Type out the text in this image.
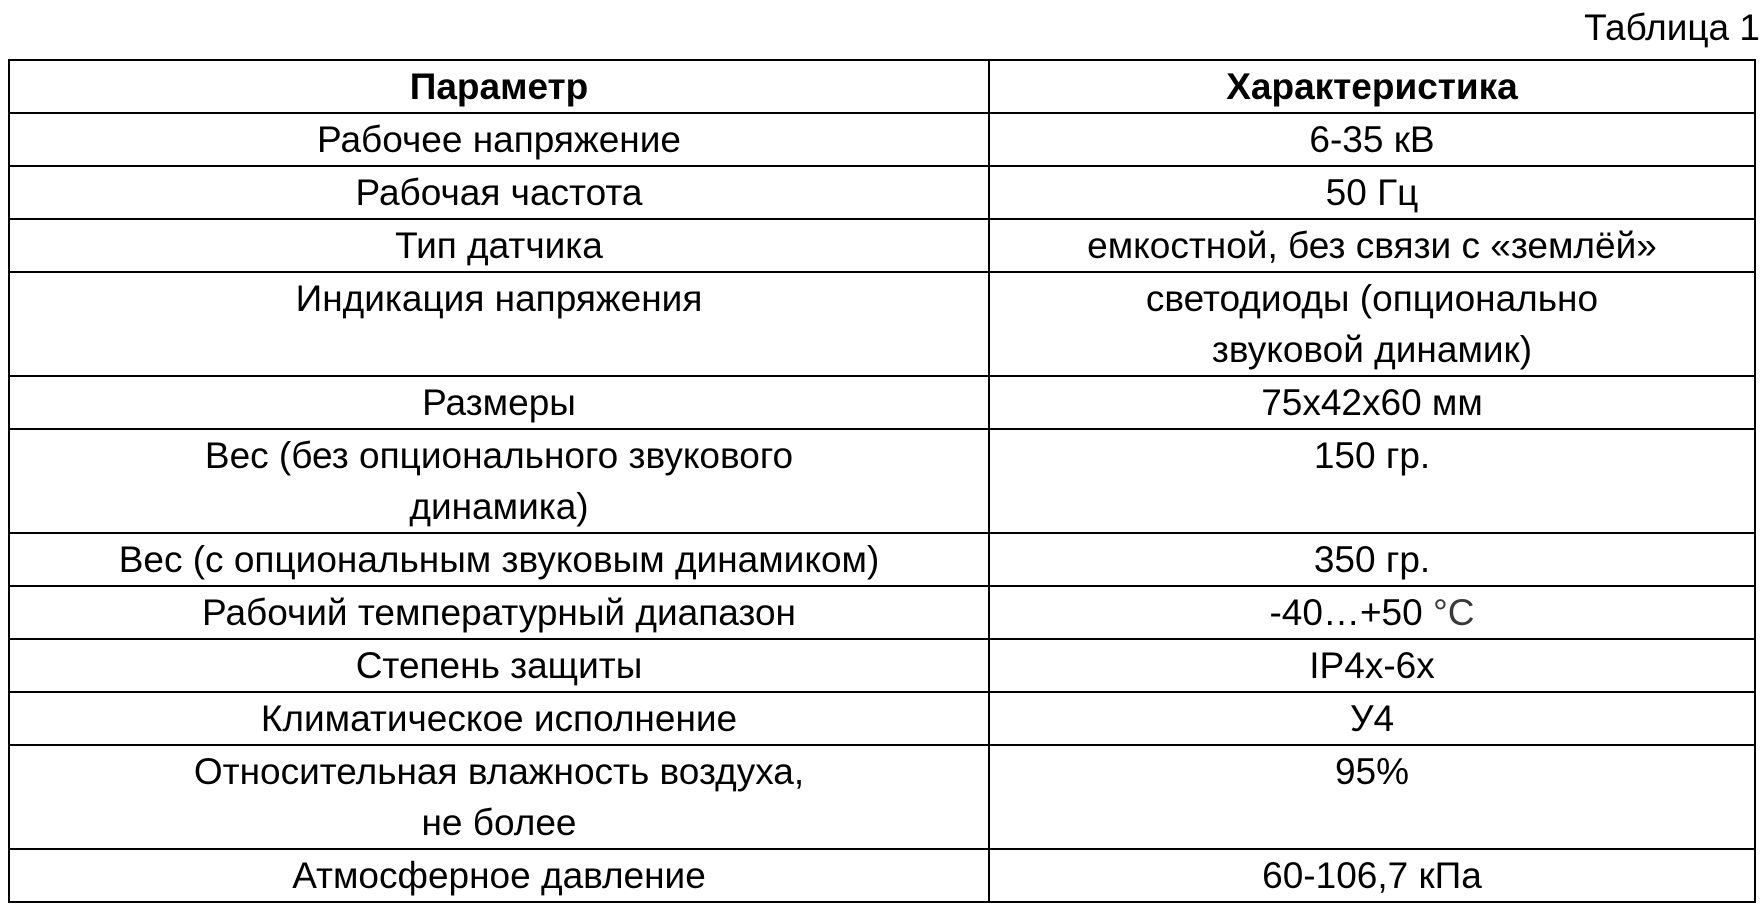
Таблица 1
Параметр	Характеристика
Рабочее напряжение	6-35 кВ
Рабочая частота	50 Гц
Тип датчика	емкостной, без связи с «землёй»
Индикация напряжения	светодиоды (опционально
звуковой динамик)

Размеры	75х42х60 мм

Вес (без опционального звукового
динамика)	150 гр.
Вес (с опциональным звуковым динамиком)	350 гр.
Рабочий температурный диапазон	-40…+50 °С
Степень защиты	IP4x-6x
Климатическое исполнение	У4

Относительная влажность воздуха,
не более	95%
Атмосферное давление	60-106,7 кПа
